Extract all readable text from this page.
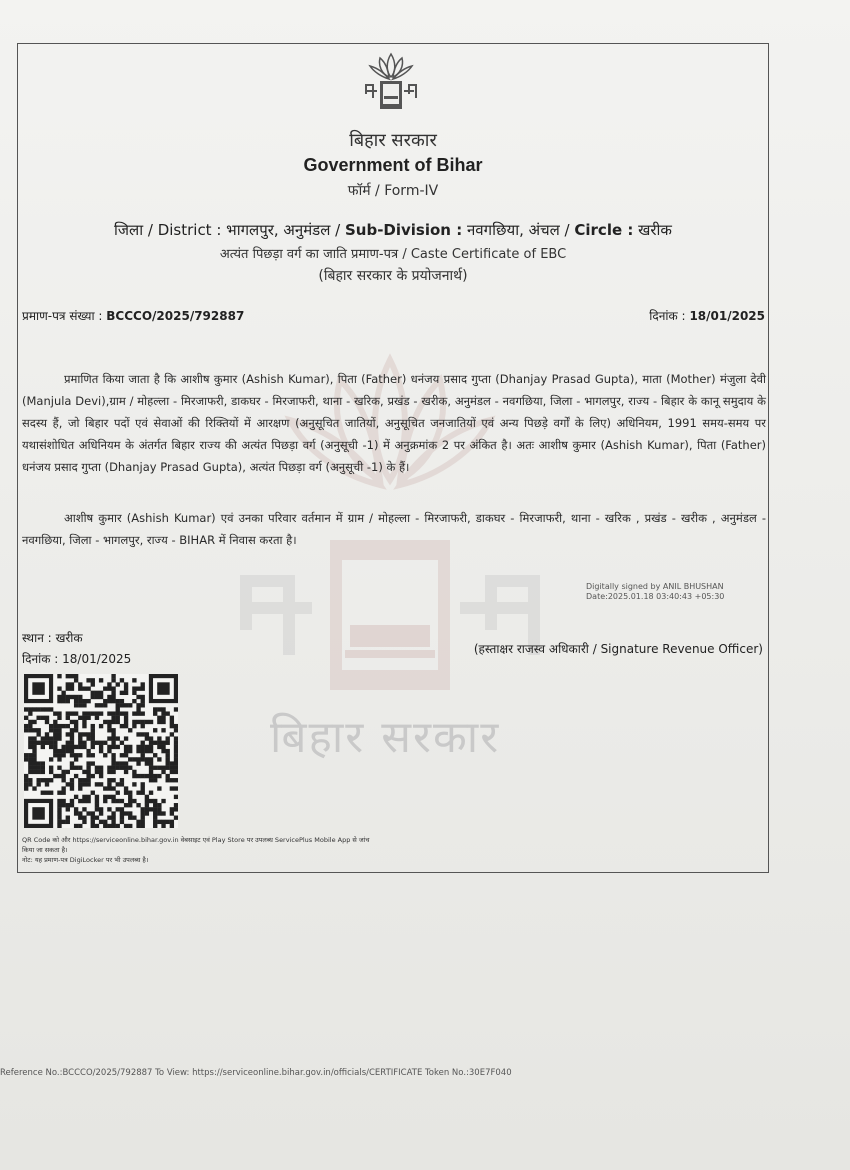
बिहार सरकार
बिहार सरकार
Government of Bihar
फॉर्म / Form-IV
जिला / District : भागलपुर, अनुमंडल / Sub-Division : नवगछिया, अंचल / Circle : खरीक
अत्यंत पिछड़ा वर्ग का जाति प्रमाण-पत्र / Caste Certificate of EBC
(बिहार सरकार के प्रयोजनार्थ)
प्रमाण-पत्र संख्या : BCCCO/2025/792887	दिनांक : 18/01/2025
प्रमाणित किया जाता है कि आशीष कुमार (Ashish Kumar), पिता (Father) धनंजय प्रसाद गुप्ता (Dhanjay Prasad Gupta), माता (Mother) मंजुला देवी (Manjula Devi),ग्राम / मोहल्ला - मिरजाफरी, डाकघर - मिरजाफरी, थाना - खरिक, प्रखंड - खरीक, अनुमंडल - नवगछिया, जिला - भागलपुर, राज्य - बिहार के कानू समुदाय के सदस्य हैं, जो बिहार पदों एवं सेवाओं की रिक्तियों में आरक्षण (अनुसूचित जातियों, अनुसूचित जनजातियों एवं अन्य पिछड़े वर्गों के लिए) अधिनियम, 1991 समय-समय पर यथासंशोधित अधिनियम के अंतर्गत बिहार राज्य की अत्यंत पिछड़ा वर्ग (अनुसूची -1) में अनुक्रमांक 2 पर अंकित है। अतः आशीष कुमार (Ashish Kumar), पिता (Father) धनंजय प्रसाद गुप्ता (Dhanjay Prasad Gupta), अत्यंत पिछड़ा वर्ग (अनुसूची -1) के हैं।
आशीष कुमार (Ashish Kumar) एवं उनका परिवार वर्तमान में ग्राम / मोहल्ला - मिरजाफरी, डाकघर - मिरजाफरी, थाना - खरिक , प्रखंड - खरीक , अनुमंडल - नवगछिया, जिला - भागलपुर, राज्य - BIHAR में निवास करता है।
Digitally signed by ANIL BHUSHAN
Date:2025.01.18 03:40:43 +05:30
स्थान : खरीक
दिनांक : 18/01/2025
(हस्ताक्षर राजस्व अधिकारी / Signature Revenue Officer)
QR Code को और https://serviceonline.bihar.gov.in वेबसाइट एवं Play Store पर उपलब्ध ServicePlus Mobile App से जांच
किया जा सकता है।
नोट: यह प्रमाण-पत्र DigiLocker पर भी उपलब्ध है।
Reference No.:BCCCO/2025/792887 To View: https://serviceonline.bihar.gov.in/officials/CERTIFICATE Token No.:30E7F040
